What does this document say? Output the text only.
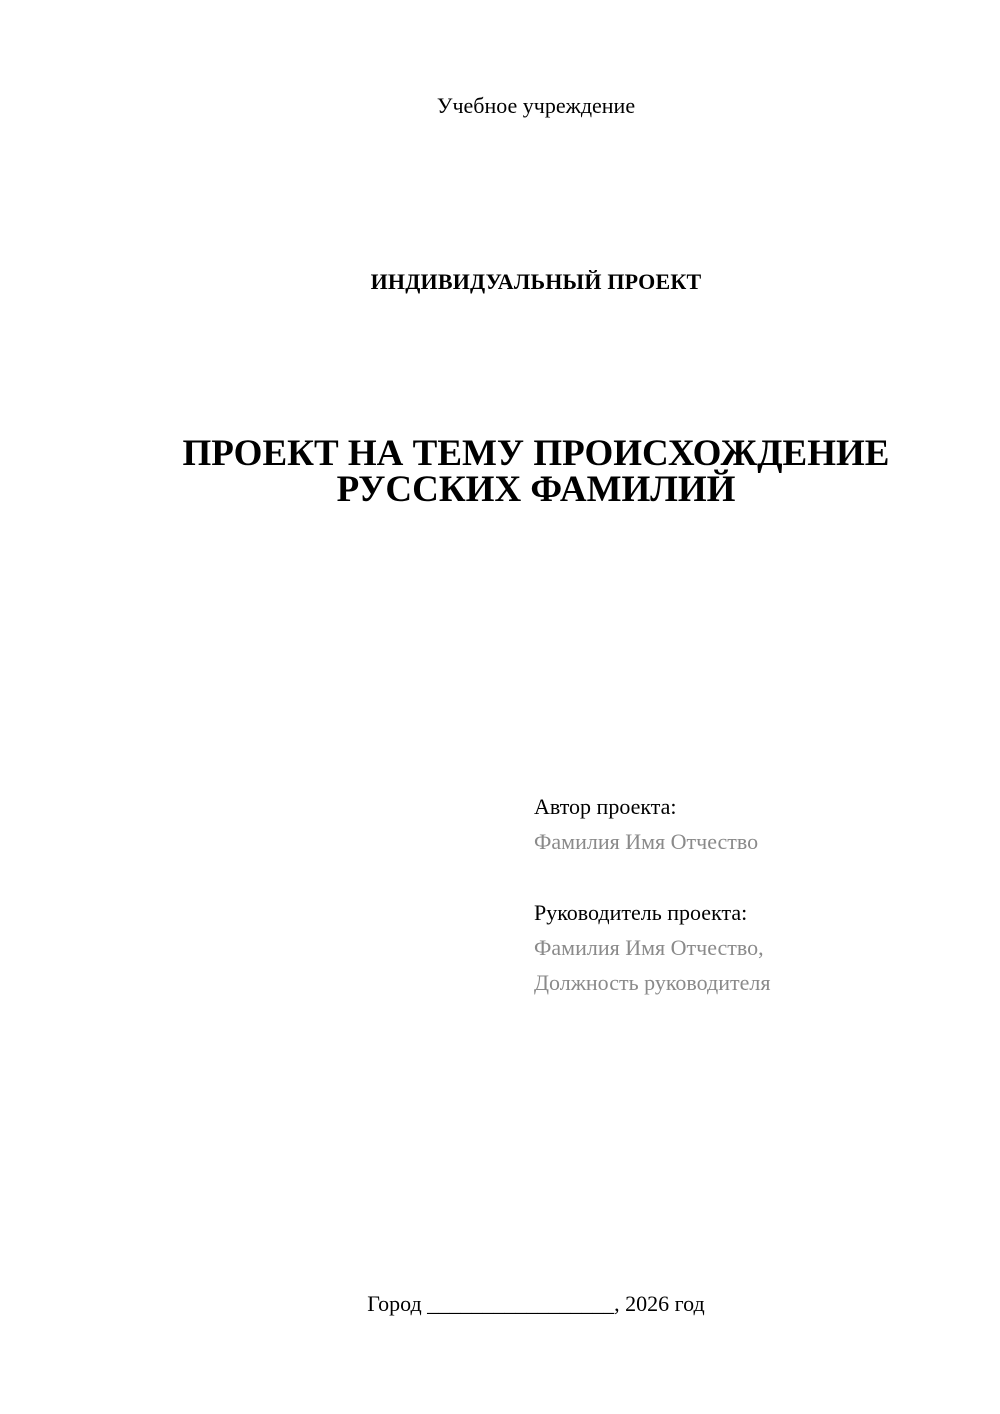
Учебное учреждение

ИНДИВИДУАЛЬНЫЙ ПРОЕКТ

ПРОЕКТ НА ТЕМУ ПРОИСХОЖДЕНИЕ
РУССКИХ ФАМИЛИЙ
Автор проекта:
Фамилия Имя Отчество
Руководитель проекта:
Фамилия Имя Отчество,
Должность руководителя

Город _________________, 2026 год
